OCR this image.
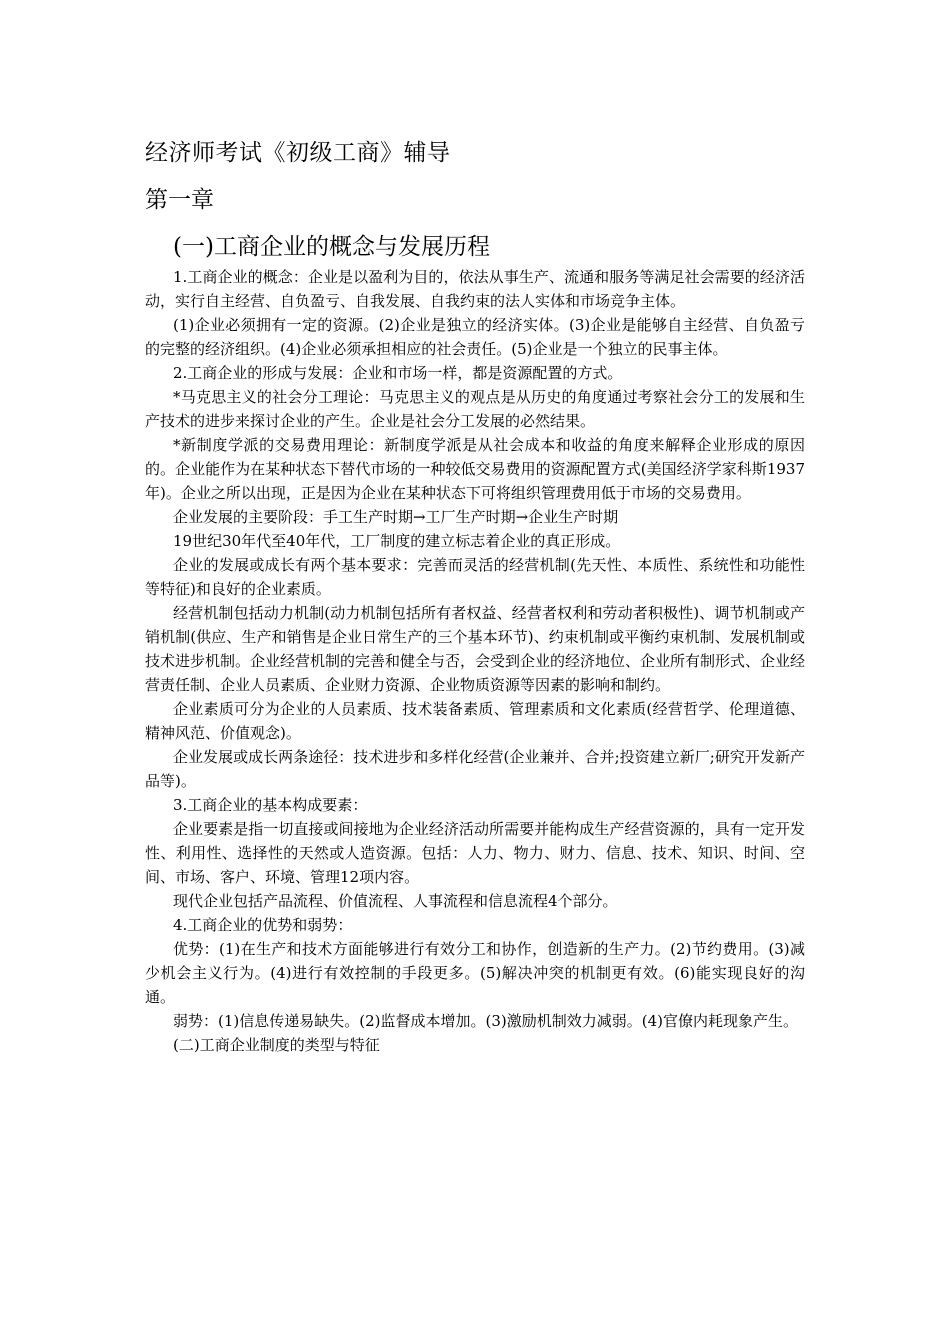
经济师考试《初级工商》辅导
第一章
(一)工商企业的概念与发展历程

1.工商企业的概念：企业是以盈利为目的，依法从事生产、流通和服务等满足社会需要的经济活动，实行自主经营、自负盈亏、自我发展、自我约束的法人实体和市场竞争主体。

(1)企业必须拥有一定的资源。(2)企业是独立的经济实体。(3)企业是能够自主经营、自负盈亏的完整的经济组织。(4)企业必须承担相应的社会责任。(5)企业是一个独立的民事主体。

2.工商企业的形成与发展：企业和市场一样，都是资源配置的方式。

*马克思主义的社会分工理论：马克思主义的观点是从历史的角度通过考察社会分工的发展和生产技术的进步来探讨企业的产生。企业是社会分工发展的必然结果。

*新制度学派的交易费用理论：新制度学派是从社会成本和收益的角度来解释企业形成的原因的。企业能作为在某种状态下替代市场的一种较低交易费用的资源配置方式(美国经济学家科斯1937年)。企业之所以出现，正是因为企业在某种状态下可将组织管理费用低于市场的交易费用。

企业发展的主要阶段：手工生产时期→工厂生产时期→企业生产时期

19世纪30年代至40年代，工厂制度的建立标志着企业的真正形成。

企业的发展或成长有两个基本要求：完善而灵活的经营机制(先天性、本质性、系统性和功能性等特征)和良好的企业素质。

经营机制包括动力机制(动力机制包括所有者权益、经营者权利和劳动者积极性)、调节机制或产销机制(供应、生产和销售是企业日常生产的三个基本环节)、约束机制或平衡约束机制、发展机制或技术进步机制。企业经营机制的完善和健全与否，会受到企业的经济地位、企业所有制形式、企业经营责任制、企业人员素质、企业财力资源、企业物质资源等因素的影响和制约。

企业素质可分为企业的人员素质、技术装备素质、管理素质和文化素质(经营哲学、伦理道德、精神风范、价值观念)。

企业发展或成长两条途径：技术进步和多样化经营(企业兼并、合并;投资建立新厂;研究开发新产品等)。

3.工商企业的基本构成要素：

企业要素是指一切直接或间接地为企业经济活动所需要并能构成生产经营资源的，具有一定开发性、利用性、选择性的天然或人造资源。包括：人力、物力、财力、信息、技术、知识、时间、空间、市场、客户、环境、管理12项内容。

现代企业包括产品流程、价值流程、人事流程和信息流程4个部分。

4.工商企业的优势和弱势：

优势：(1)在生产和技术方面能够进行有效分工和协作，创造新的生产力。(2)节约费用。(3)减少机会主义行为。(4)进行有效控制的手段更多。(5)解决冲突的机制更有效。(6)能实现良好的沟通。

弱势：(1)信息传递易缺失。(2)监督成本增加。(3)激励机制效力减弱。(4)官僚内耗现象产生。

(二)工商企业制度的类型与特征
